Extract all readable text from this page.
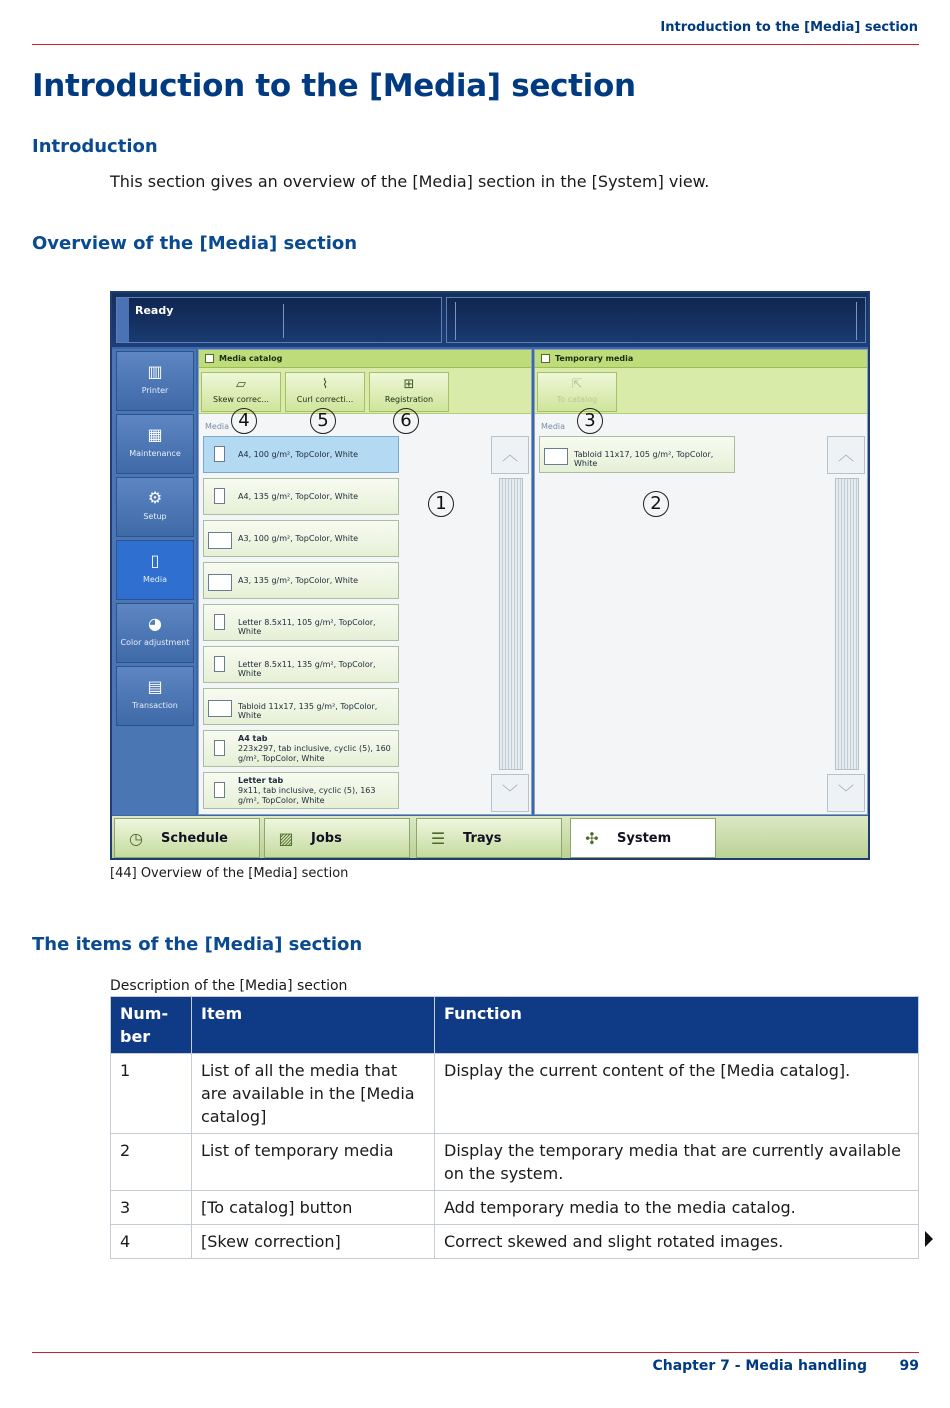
Introduction to the [Media] section
Introduction to the [Media] section
Introduction
This section gives an overview of the [Media] section in the [System] view.
Overview of the [Media] section
Ready
▥
Printer
▦
Maintenance
⚙
Setup
▯
Media
◕
Color adjustment
▤
Transaction
Media catalog
▱
Skew correc...
⌇
Curl correcti...
⊞
Registration
Media
A4, 100 g/m², TopColor, White
A4, 135 g/m², TopColor, White
A3, 100 g/m², TopColor, White
A3, 135 g/m², TopColor, White
Letter 8.5x11, 105 g/m², TopColor, White
Letter 8.5x11, 135 g/m², TopColor, White
Tabloid 11x17, 135 g/m², TopColor, White
A4 tab
223x297, tab inclusive, cyclic (5), 160 g/m², TopColor, White
Letter tab
9x11, tab inclusive, cyclic (5), 163 g/m², TopColor, White
︿
﹀
Temporary media
⇱
To catalog
Media
Tabloid 11x17, 105 g/m², TopColor, White	︿
﹀
◷	Schedule	▨ Jobs	☰ Trays	✣	System
4	5	6	3
1	2
[44] Overview of the [Media] section
The items of the [Media] section
Description of the [Media] section
Num-
ber	Item	Function
1	List of all the media that are available in the [Media catalog]	Display the current content of the [Media catalog].
2	List of temporary media	Display the temporary media that are currently available on the system.
3	[To catalog] button	Add temporary media to the media catalog.
4	[Skew correction]	Correct skewed and slight rotated images.
Chapter 7 - Media handling 99
